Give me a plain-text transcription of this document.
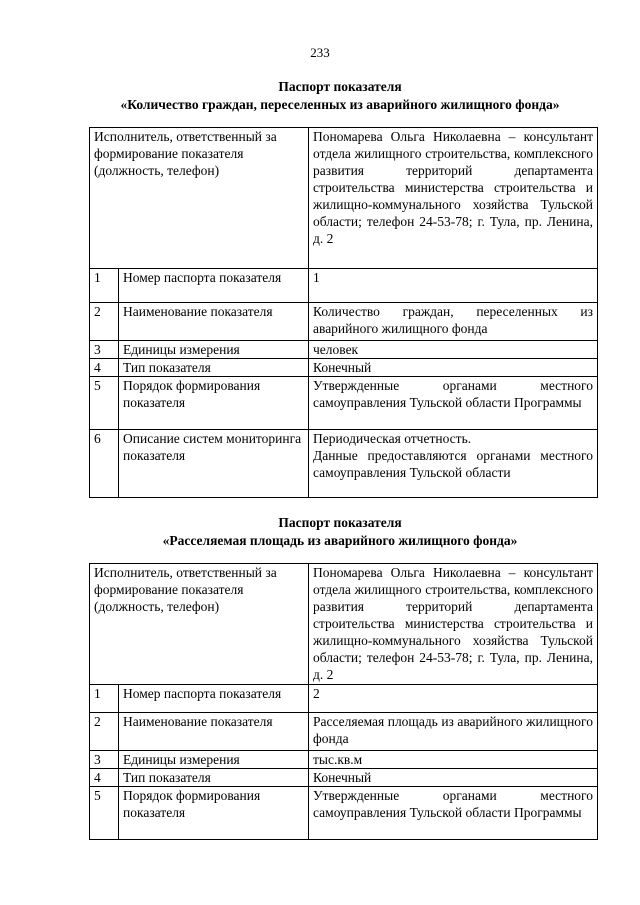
233
Паспорт показателя
«Количество граждан, переселенных из аварийного жилищного фонда»
Исполнитель, ответственный за формирование показателя (должность, телефон)		Пономарева Ольга Николаевна – консультант отдела жилищного строительства, комплексного развития территорий департамента строительства министерства строительства и жилищно-коммунального хозяйства Тульской области; телефон 24-53-78; г. Тула, пр. Ленина, д. 2
1	Номер паспорта показателя	1
2	Наименование показателя	Количество граждан, переселенных из аварийного жилищного фонда
3	Единицы измерения	человек
4	Тип показателя	Конечный
5	Порядок формирования показателя	Утвержденные органами местного самоуправления Тульской области Программы
6	Описание систем мониторинга показателя	Периодическая отчетность.
Данные предоставляются органами местного самоуправления Тульской области
Паспорт показателя
«Расселяемая площадь из аварийного жилищного фонда»
Исполнитель, ответственный за формирование показателя (должность, телефон)		Пономарева Ольга Николаевна – консультант отдела жилищного строительства, комплексного развития территорий департамента строительства министерства строительства и жилищно-коммунального хозяйства Тульской области; телефон 24-53-78; г. Тула, пр. Ленина, д. 2
1	Номер паспорта показателя	2
2	Наименование показателя	Расселяемая площадь из аварийного жилищного фонда
3	Единицы измерения	тыс.кв.м
4	Тип показателя	Конечный
5	Порядок формирования показателя	Утвержденные органами местного самоуправления Тульской области Программы
